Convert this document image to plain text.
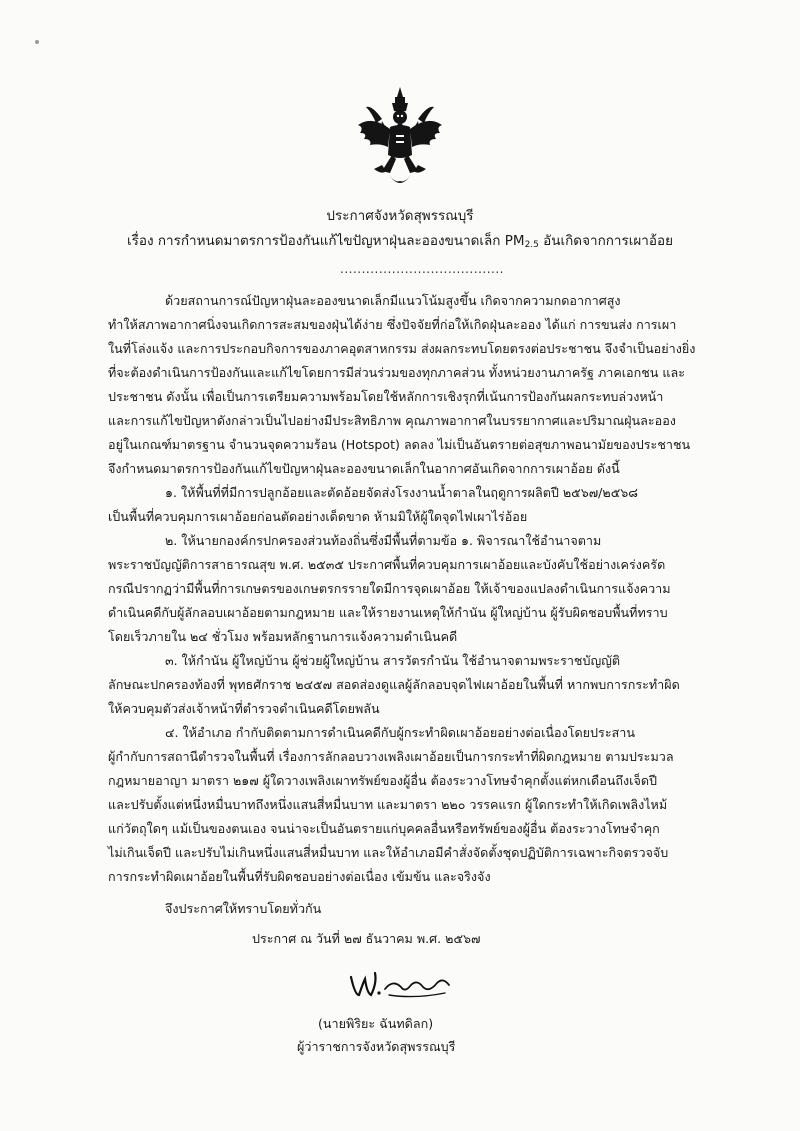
ประกาศจังหวัดสุพรรณบุรี
เรื่อง การกำหนดมาตรการป้องกันแก้ไขปัญหาฝุ่นละอองขนาดเล็ก $PM_{2.5}$ อันเกิดจากการเผาอ้อย
......................................
ด้วยสถานการณ์ปัญหาฝุ่นละอองขนาดเล็กมีแนวโน้มสูงขึ้น เกิดจากความกดอากาศสูง
ทำให้สภาพอากาศนิ่งจนเกิดการสะสมของฝุ่นได้ง่าย ซึ่งปัจจัยที่ก่อให้เกิดฝุ่นละออง ได้แก่ การขนส่ง การเผา
ในที่โล่งแจ้ง และการประกอบกิจการของภาคอุตสาหกรรม ส่งผลกระทบโดยตรงต่อประชาชน จึงจำเป็นอย่างยิ่ง
ที่จะต้องดำเนินการป้องกันและแก้ไขโดยการมีส่วนร่วมของทุกภาคส่วน ทั้งหน่วยงานภาครัฐ ภาคเอกชน และ
ประชาชน ดังนั้น เพื่อเป็นการเตรียมความพร้อมโดยใช้หลักการเชิงรุกที่เน้นการป้องกันผลกระทบล่วงหน้า
และการแก้ไขปัญหาดังกล่าวเป็นไปอย่างมีประสิทธิภาพ คุณภาพอากาศในบรรยากาศและปริมาณฝุ่นละออง
อยู่ในเกณฑ์มาตรฐาน จำนวนจุดความร้อน (Hotspot) ลดลง ไม่เป็นอันตรายต่อสุขภาพอนามัยของประชาชน
จึงกำหนดมาตรการป้องกันแก้ไขปัญหาฝุ่นละอองขนาดเล็กในอากาศอันเกิดจากการเผาอ้อย ดังนี้
๑. ให้พื้นที่ที่มีการปลูกอ้อยและตัดอ้อยจัดส่งโรงงานน้ำตาลในฤดูการผลิตปี ๒๕๖๗/๒๕๖๘
เป็นพื้นที่ควบคุมการเผาอ้อยก่อนตัดอย่างเด็ดขาด ห้ามมิให้ผู้ใดจุดไฟเผาไร่อ้อย
๒. ให้นายกองค์กรปกครองส่วนท้องถิ่นซึ่งมีพื้นที่ตามข้อ ๑. พิจารณาใช้อำนาจตาม
พระราชบัญญัติการสาธารณสุข พ.ศ. ๒๕๓๕ ประกาศพื้นที่ควบคุมการเผาอ้อยและบังคับใช้อย่างเคร่งครัด
กรณีปรากฏว่ามีพื้นที่การเกษตรของเกษตรกรรายใดมีการจุดเผาอ้อย ให้เจ้าของแปลงดำเนินการแจ้งความ
ดำเนินคดีกับผู้ลักลอบเผาอ้อยตามกฎหมาย และให้รายงานเหตุให้กำนัน ผู้ใหญ่บ้าน ผู้รับผิดชอบพื้นที่ทราบ
โดยเร็วภายใน ๒๔ ชั่วโมง พร้อมหลักฐานการแจ้งความดำเนินคดี
๓. ให้กำนัน ผู้ใหญ่บ้าน ผู้ช่วยผู้ใหญ่บ้าน สารวัตรกำนัน ใช้อำนาจตามพระราชบัญญัติ
ลักษณะปกครองท้องที่ พุทธศักราช ๒๔๕๗ สอดส่องดูแลผู้ลักลอบจุดไฟเผาอ้อยในพื้นที่ หากพบการกระทำผิด
ให้ควบคุมตัวส่งเจ้าหน้าที่ตำรวจดำเนินคดีโดยพลัน
๔. ให้อำเภอ กำกับติดตามการดำเนินคดีกับผู้กระทำผิดเผาอ้อยอย่างต่อเนื่องโดยประสาน
ผู้กำกับการสถานีตำรวจในพื้นที่ เรื่องการลักลอบวางเพลิงเผาอ้อยเป็นการกระทำที่ผิดกฎหมาย ตามประมวล
กฎหมายอาญา มาตรา ๒๑๗ ผู้ใดวางเพลิงเผาทรัพย์ของผู้อื่น ต้องระวางโทษจำคุกตั้งแต่หกเดือนถึงเจ็ดปี
และปรับตั้งแต่หนึ่งหมื่นบาทถึงหนึ่งแสนสี่หมื่นบาท และมาตรา ๒๒๐ วรรคแรก ผู้ใดกระทำให้เกิดเพลิงไหม้
แก่วัตถุใดๆ แม้เป็นของตนเอง จนน่าจะเป็นอันตรายแก่บุคคลอื่นหรือทรัพย์ของผู้อื่น ต้องระวางโทษจำคุก
ไม่เกินเจ็ดปี และปรับไม่เกินหนึ่งแสนสี่หมื่นบาท และให้อำเภอมีคำสั่งจัดตั้งชุดปฏิบัติการเฉพาะกิจตรวจจับ
การกระทำผิดเผาอ้อยในพื้นที่รับผิดชอบอย่างต่อเนื่อง เข้มข้น และจริงจัง
จึงประกาศให้ทราบโดยทั่วกัน
ประกาศ ณ วันที่ ๒๗ ธันวาคม พ.ศ. ๒๕๖๗
(นายพิริยะ ฉันทดิลก)
ผู้ว่าราชการจังหวัดสุพรรณบุรี
